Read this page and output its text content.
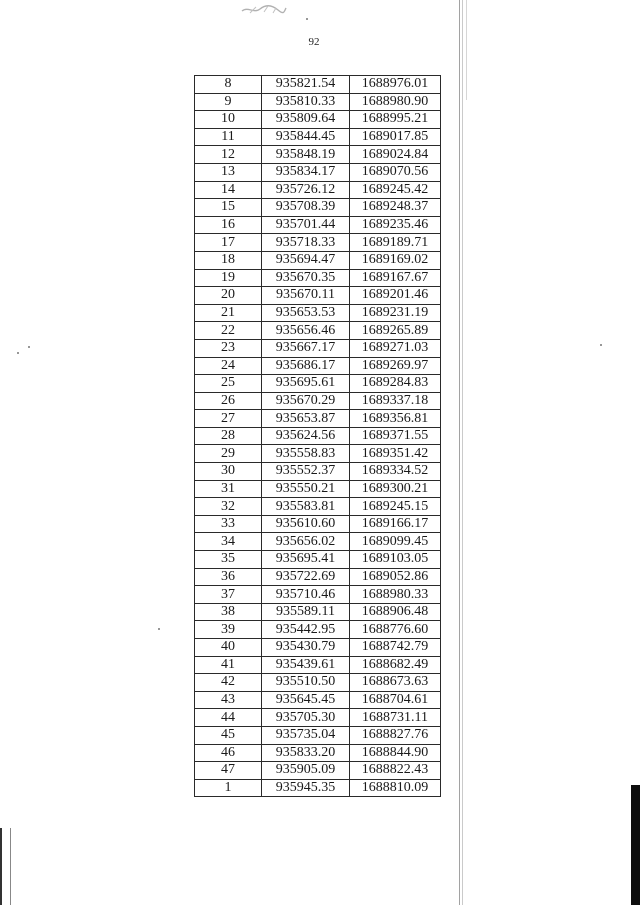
92
8	935821.54	1688976.01
9	935810.33	1688980.90
10	935809.64	1688995.21
11	935844.45	1689017.85
12	935848.19	1689024.84
13	935834.17	1689070.56
14	935726.12	1689245.42
15	935708.39	1689248.37
16	935701.44	1689235.46
17	935718.33	1689189.71
18	935694.47	1689169.02
19	935670.35	1689167.67
20	935670.11	1689201.46
21	935653.53	1689231.19
22	935656.46	1689265.89
23	935667.17	1689271.03
24	935686.17	1689269.97
25	935695.61	1689284.83
26	935670.29	1689337.18
27	935653.87	1689356.81
28	935624.56	1689371.55
29	935558.83	1689351.42
30	935552.37	1689334.52
31	935550.21	1689300.21
32	935583.81	1689245.15
33	935610.60	1689166.17
34	935656.02	1689099.45
35	935695.41	1689103.05
36	935722.69	1689052.86
37	935710.46	1688980.33
38	935589.11	1688906.48
39	935442.95	1688776.60
40	935430.79	1688742.79
41	935439.61	1688682.49
42	935510.50	1688673.63
43	935645.45	1688704.61
44	935705.30	1688731.11
45	935735.04	1688827.76
46	935833.20	1688844.90
47	935905.09	1688822.43
1	935945.35	1688810.09
